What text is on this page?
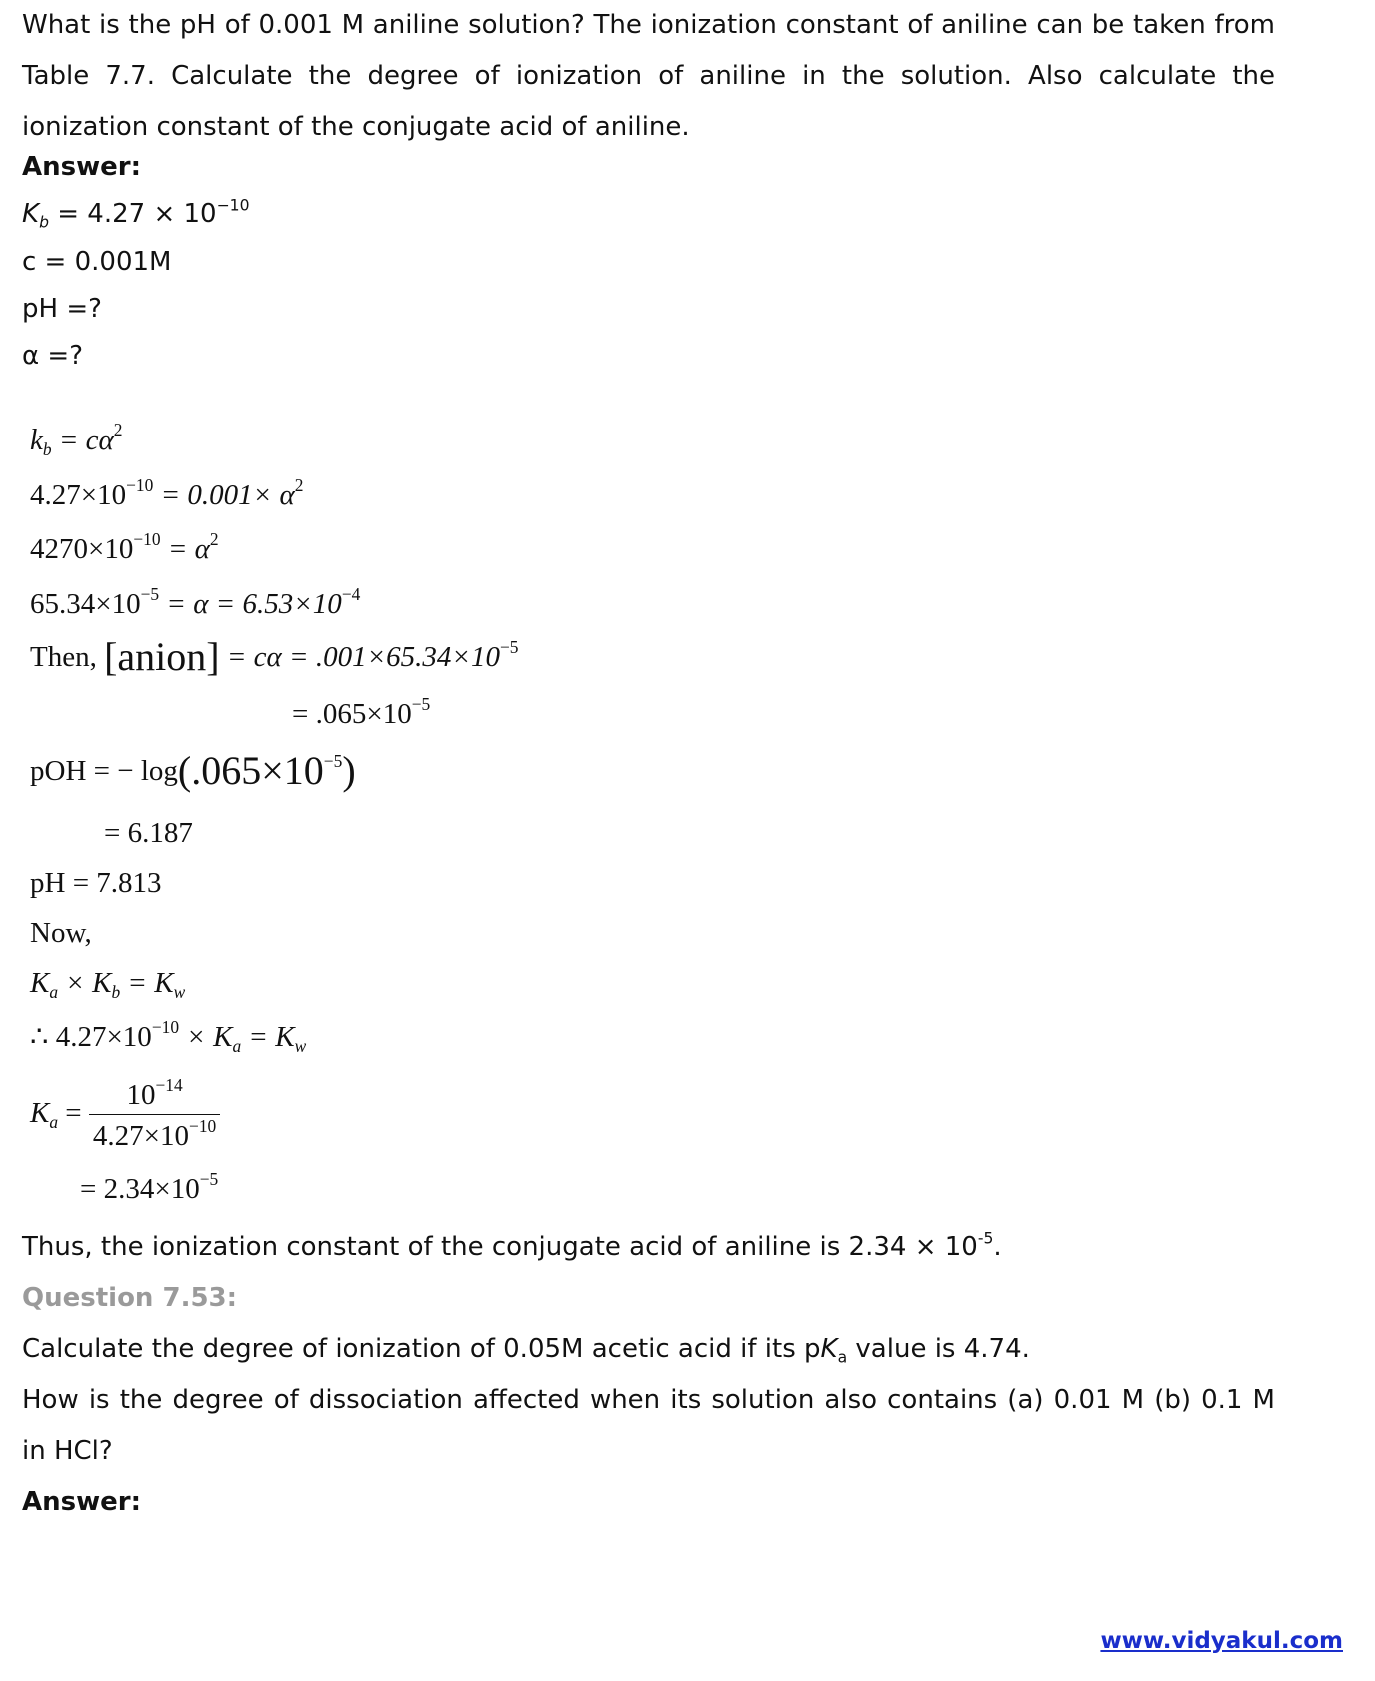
What is the pH of 0.001 M aniline solution? The ionization constant of aniline can be taken from Table 7.7. Calculate the degree of ionization of aniline in the solution. Also calculate the ionization constant of the conjugate acid of aniline.

Answer:

$K_b = 4.27 \times 10^{-10}$

c = 0.001M

pH =?

α =?

$k_b = c\alpha^2$
$4.27\times 10^{-10} = 0.001\times \alpha^2$
$4270\times 10^{-10} = \alpha^2$
$65.34\times 10^{-5} = \alpha = 6.53\times 10^{-4}$
Then, [anion] = $c\alpha = .001\times 65.34\times 10^{-5}$
= $.065\times 10^{-5}$
pOH = − $\log(.065\times 10^{-5})$
= 6.187
pH = 7.813
Now,
$K_a \times K_b = K_w$
∴ $4.27\times 10^{-10} \times K_a = K_w$
$K_a = \frac{10^{-14}}{4.27\times 10^{-10}}$
= $2.34\times 10^{-5}$

Thus, the ionization constant of the conjugate acid of aniline is $2.34 \times 10^{-5}$.

Question 7.53:

Calculate the degree of ionization of 0.05M acetic acid if its $pK_a$ value is 4.74.

How is the degree of dissociation affected when its solution also contains (a) 0.01 M (b) 0.1 M in HCl?

Answer:

www.vidyakul.com
